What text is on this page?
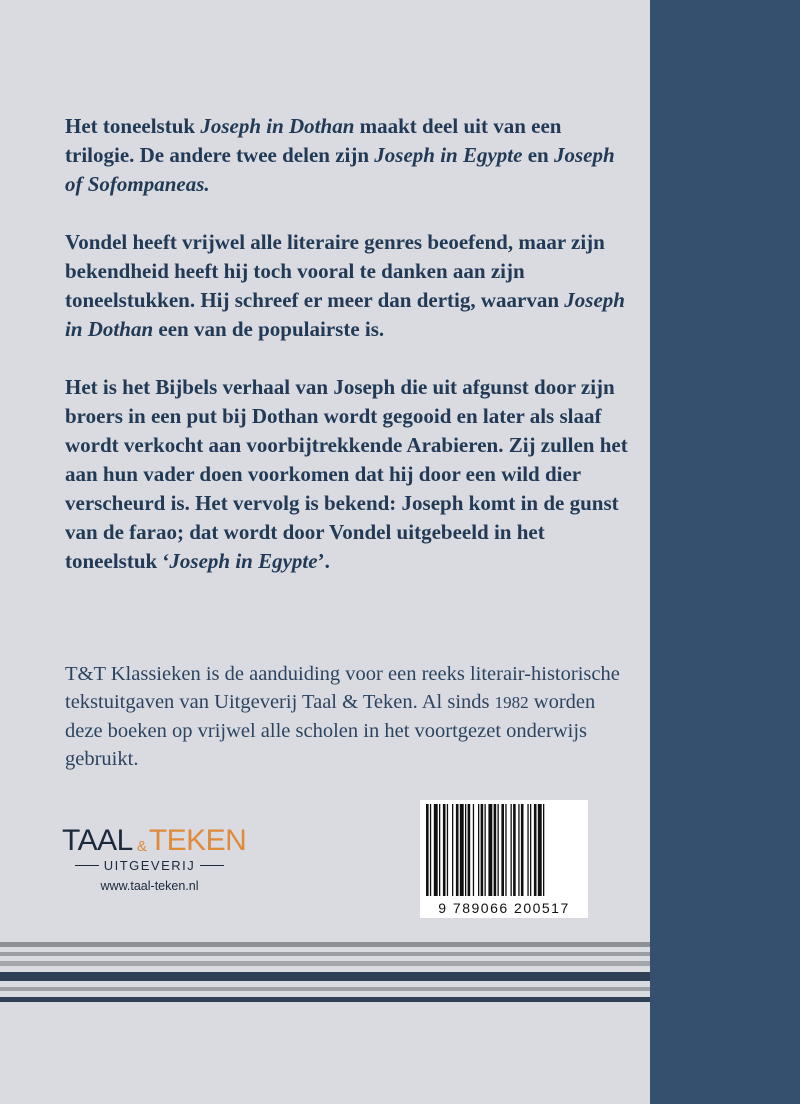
Het toneelstuk Joseph in Dothan maakt deel uit van een trilogie. De andere twee delen zijn Joseph in Egypte en Joseph of Sofompaneas.

Vondel heeft vrijwel alle literaire genres beoefend, maar zijn bekendheid heeft hij toch vooral te danken aan zijn toneelstukken. Hij schreef er meer dan dertig, waarvan Joseph in Dothan een van de populairste is.

Het is het Bijbels verhaal van Joseph die uit afgunst door zijn broers in een put bij Dothan wordt gegooid en later als slaaf wordt verkocht aan voorbijtrekkende Arabieren. Zij zullen het aan hun vader doen voorkomen dat hij door een wild dier verscheurd is. Het vervolg is bekend: Joseph komt in de gunst van de farao; dat wordt door Vondel uitgebeeld in het toneelstuk ‘Joseph in Egypte’.

T&T Klassieken is de aanduiding voor een reeks literair-historische tekstuitgaven van Uitgeverij Taal & Teken. Al sinds 1982 worden deze boeken op vrijwel alle scholen in het voortgezet onderwijs gebruikt.

TAAL & TEKEN
UITGEVERIJ
www.taal-teken.nl
9 789066 200517
